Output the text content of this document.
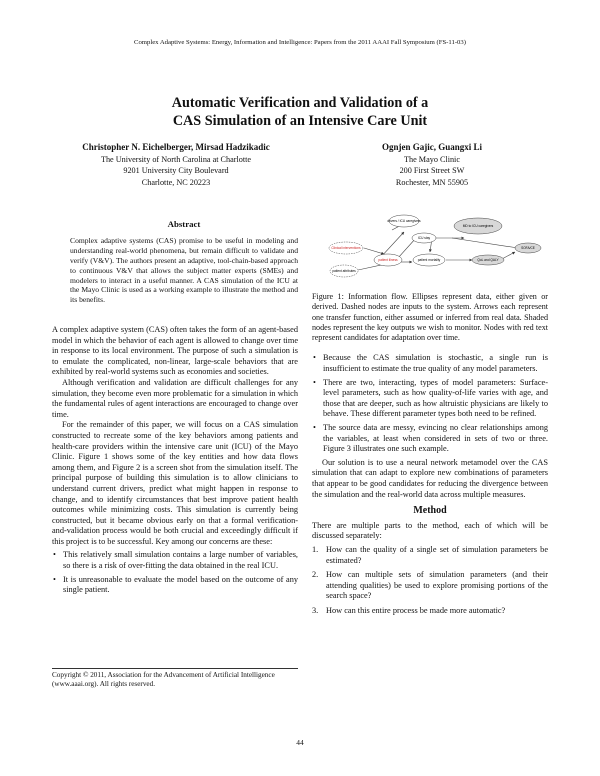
Complex Adaptive Systems: Energy, Information and Intelligence: Papers from the 2011 AAAI Fall Symposium (FS-11-03)
Automatic Verification and Validation of a
CAS Simulation of an Intensive Care Unit
Christopher N. Eichelberger, Mirsad Hadzikadic
The University of North Carolina at Charlotte
9201 University City Boulevard
Charlotte, NC 20223
Ognjen Gajic, Guangxi Li
The Mayo Clinic
200 First Street SW
Rochester, MN 55905
Abstract
Complex adaptive systems (CAS) promise to be useful in modeling and understanding real-world phenomena, but remain difficult to validate and verify (V&V). The authors present an adaptive, tool-chain-based approach to continuous V&V that allows the subject matter experts (SMEs) and modelers to interact in a useful manner. A CAS simulation of the ICU at the Mayo Clinic is used as a working example to illustrate the method and its benefits.

A complex adaptive system (CAS) often takes the form of an agent-based model in which the behavior of each agent is allowed to change over time in response to its local environment. The purpose of such a simulation is to emulate the complicated, non-linear, large-scale behaviors that are exhibited by real-world systems such as economies and societies.

Although verification and validation are difficult challenges for any simulation, they become even more problematic for a simulation in which the fundamental rules of agent interactions are encouraged to change over time.

For the remainder of this paper, we will focus on a CAS simulation constructed to recreate some of the key behaviors among patients and health-care providers within the intensive care unit (ICU) of the Mayo Clinic. Figure 1 shows some of the key entities and how data flows among them, and Figure 2 is a screen shot from the simulation itself. The principal purpose of building this simulation is to allow clinicians to understand current drivers, predict what might happen in response to change, and to identify circumstances that best improve patient health outcomes while minimizing costs. This simulation is currently being constructed, but it became obvious early on that a formal verification-and-validation process would be both crucial and exceedingly difficult if this project is to be successful. Key among our concerns are these:

• This relatively small simulation contains a large number of variables, so there is a risk of over-fitting the data obtained in the real ICU.
• It is unreasonable to evaluate the model based on the outcome of any single patient.
Copyright © 2011, Association for the Advancement of Artificial Intelligence (www.aaai.org). All rights reserved.
drivers / ICU caregivers
Clinical interventions
MD to ICU caregivers
ICU stay
patient illness	patient mortality	QoL and QALY
patient attributes
SOFA/CE
Figure 1: Information flow. Ellipses represent data, either given or derived. Dashed nodes are inputs to the system. Arrows each represent one transfer function, either assumed or inferred from real data. Shaded nodes represent the key outputs we wish to monitor. Nodes with red text represent candidates for adaptation over time.
• Because the CAS simulation is stochastic, a single run is insufficient to estimate the true quality of any model parameters.
• There are two, interacting, types of model parameters: Surface-level parameters, such as how quality-of-life varies with age, and those that are deeper, such as how altruistic physicians are likely to behave. These different parameter types both need to be refined.
• The source data are messy, evincing no clear relationships among the variables, at least when considered in sets of two or three. Figure 3 illustrates one such example.

Our solution is to use a neural network metamodel over the CAS simulation that can adapt to explore new combinations of parameters that appear to be good candidates for reducing the divergence between the simulation and the real-world data across multiple measures.

Method

There are multiple parts to the method, each of which will be discussed separately:

1. How can the quality of a single set of simulation parameters be estimated?
2. How can multiple sets of simulation parameters (and their attending qualities) be used to explore promising portions of the search space?
3. How can this entire process be made more automatic?
44
